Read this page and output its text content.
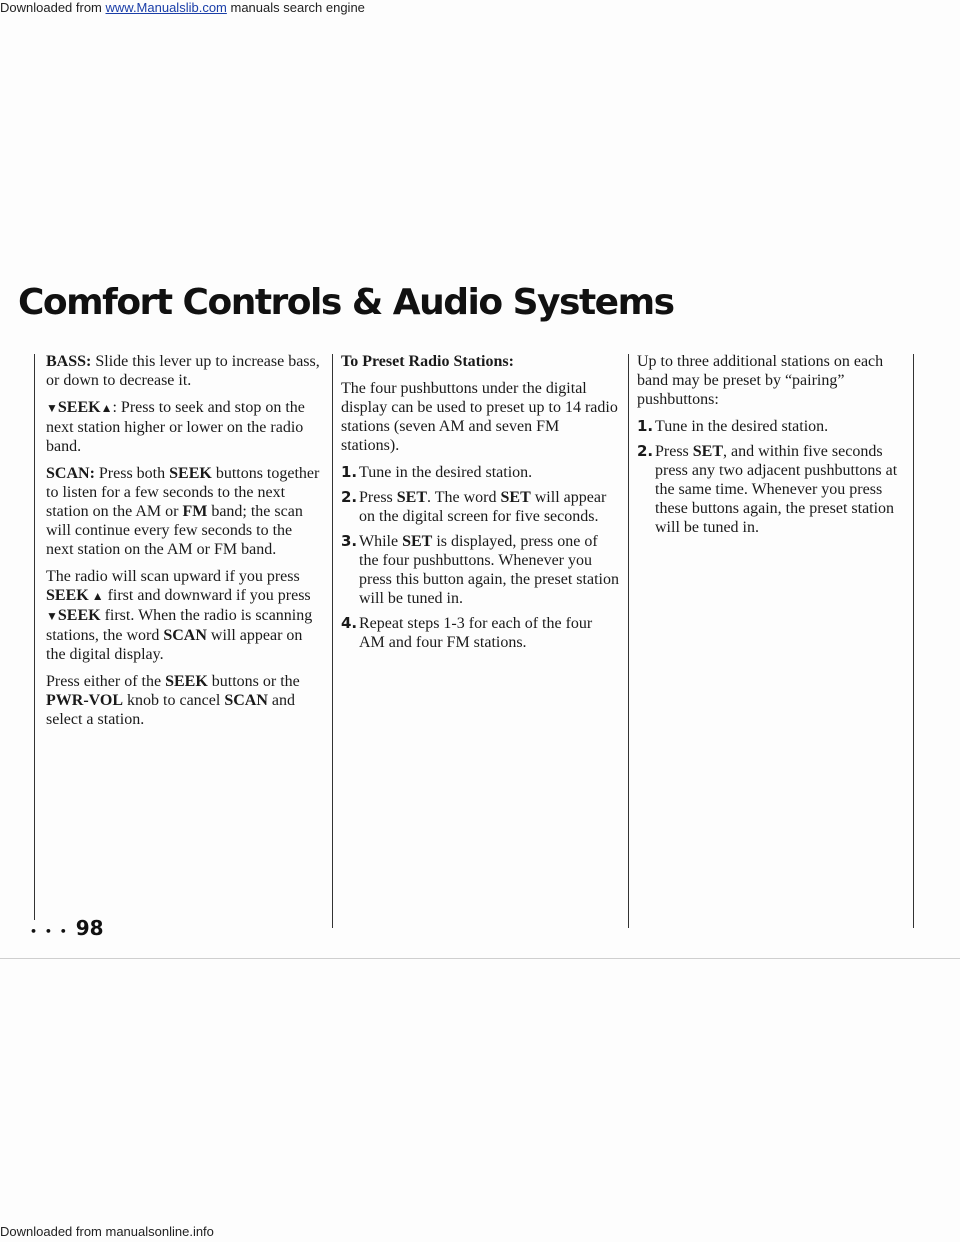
Downloaded from www.Manualslib.com manuals search engine
Comfort Controls & Audio Systems

BASS: Slide this lever up to increase bass, or down to decrease it.

▼SEEK▲: Press to seek and stop on the next station higher or lower on the radio band.

SCAN: Press both SEEK buttons together to listen for a few seconds to the next station on the AM or FM band; the scan will continue every few seconds to the next station on the AM or FM band.

The radio will scan upward if you press SEEK ▲ first and downward if you press ▼SEEK first. When the radio is scanning stations, the word SCAN will appear on the digital display.

Press either of the SEEK buttons or the PWR-VOL knob to cancel SCAN and select a station.

To Preset Radio Stations:

The four pushbuttons under the digital display can be used to preset up to 14 radio stations (seven AM and seven FM stations).

1. Tune in the desired station.
2. Press SET. The word SET will appear on the digital screen for five seconds.
3. While SET is displayed, press one of the four pushbuttons. Whenever you press this button again, the preset station will be tuned in.
4. Repeat steps 1-3 for each of the four AM and four FM stations.

Up to three additional stations on each band may be preset by “pairing” pushbuttons:

1. Tune in the desired station.
2. Press SET, and within five seconds press any two adjacent pushbuttons at the same time. Whenever you press these buttons again, the preset station will be tuned in.
• • • 98
Downloaded from manualsonline.info
